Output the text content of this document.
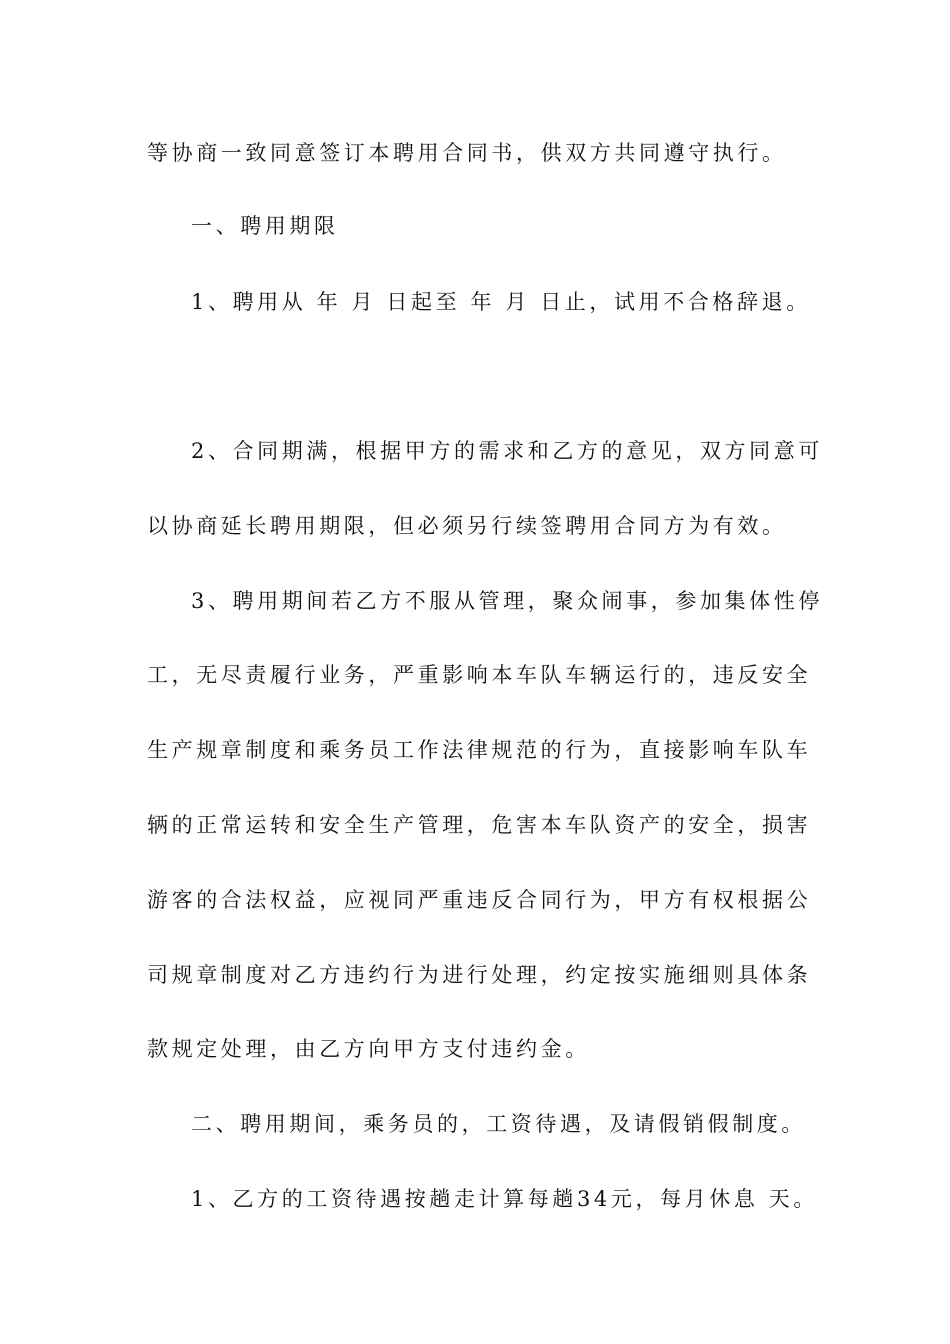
等协商一致同意签订本聘用合同书，供双方共同遵守执行。
一、聘用期限
1、聘用从 年 月 日起至 年 月 日止，试用不合格辞退。
2、合同期满，根据甲方的需求和乙方的意见，双方同意可
以协商延长聘用期限，但必须另行续签聘用合同方为有效。
3、聘用期间若乙方不服从管理，聚众闹事，参加集体性停
工，无尽责履行业务，严重影响本车队车辆运行的，违反安全
生产规章制度和乘务员工作法律规范的行为，直接影响车队车
辆的正常运转和安全生产管理，危害本车队资产的安全，损害
游客的合法权益，应视同严重违反合同行为，甲方有权根据公
司规章制度对乙方违约行为进行处理，约定按实施细则具体条
款规定处理，由乙方向甲方支付违约金。
二、聘用期间，乘务员的，工资待遇，及请假销假制度。
1、乙方的工资待遇按趟走计算每趟34元，每月休息 天。
